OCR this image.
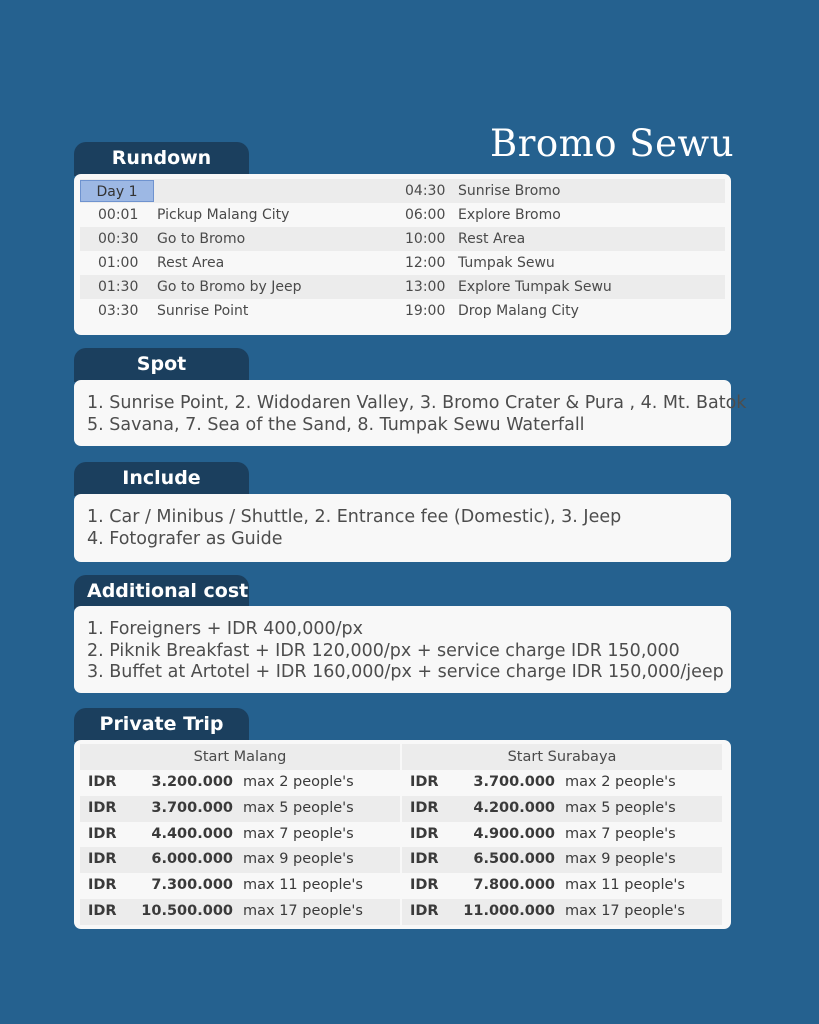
Bromo Sewu
Rundown
Day 1
00:01 Pickup Malang City
00:30 Go to Bromo
01:00 Rest Area
01:30 Go to Bromo by Jeep
03:30 Sunrise Point
04:30 Sunrise Bromo
06:00 Explore Bromo
10:00 Rest Area
12:00 Tumpak Sewu
13:00 Explore Tumpak Sewu
19:00 Drop Malang City
Spot
1. Sunrise Point, 2. Widodaren Valley, 3. Bromo Crater & Pura , 4. Mt. Batok
5. Savana, 7. Sea of the Sand, 8. Tumpak Sewu Waterfall
Include
1. Car / Minibus / Shuttle, 2. Entrance fee (Domestic), 3. Jeep
4. Fotografer as Guide
Additional cost
1. Foreigners + IDR 400,000/px
2. Piknik Breakfast + IDR 120,000/px + service charge IDR 150,000
3. Buffet at Artotel + IDR 160,000/px + service charge IDR 150,000/jeep
Private Trip
Start Malang
IDR 3.200.000 max 2 people's
IDR 3.700.000 max 5 people's
IDR 4.400.000 max 7 people's
IDR 6.000.000 max 9 people's
IDR 7.300.000 max 11 people's
IDR 10.500.000 max 17 people's
Start Surabaya
IDR 3.700.000 max 2 people's
IDR 4.200.000 max 5 people's
IDR 4.900.000 max 7 people's
IDR 6.500.000 max 9 people's
IDR 7.800.000 max 11 people's
IDR 11.000.000 max 17 people's
